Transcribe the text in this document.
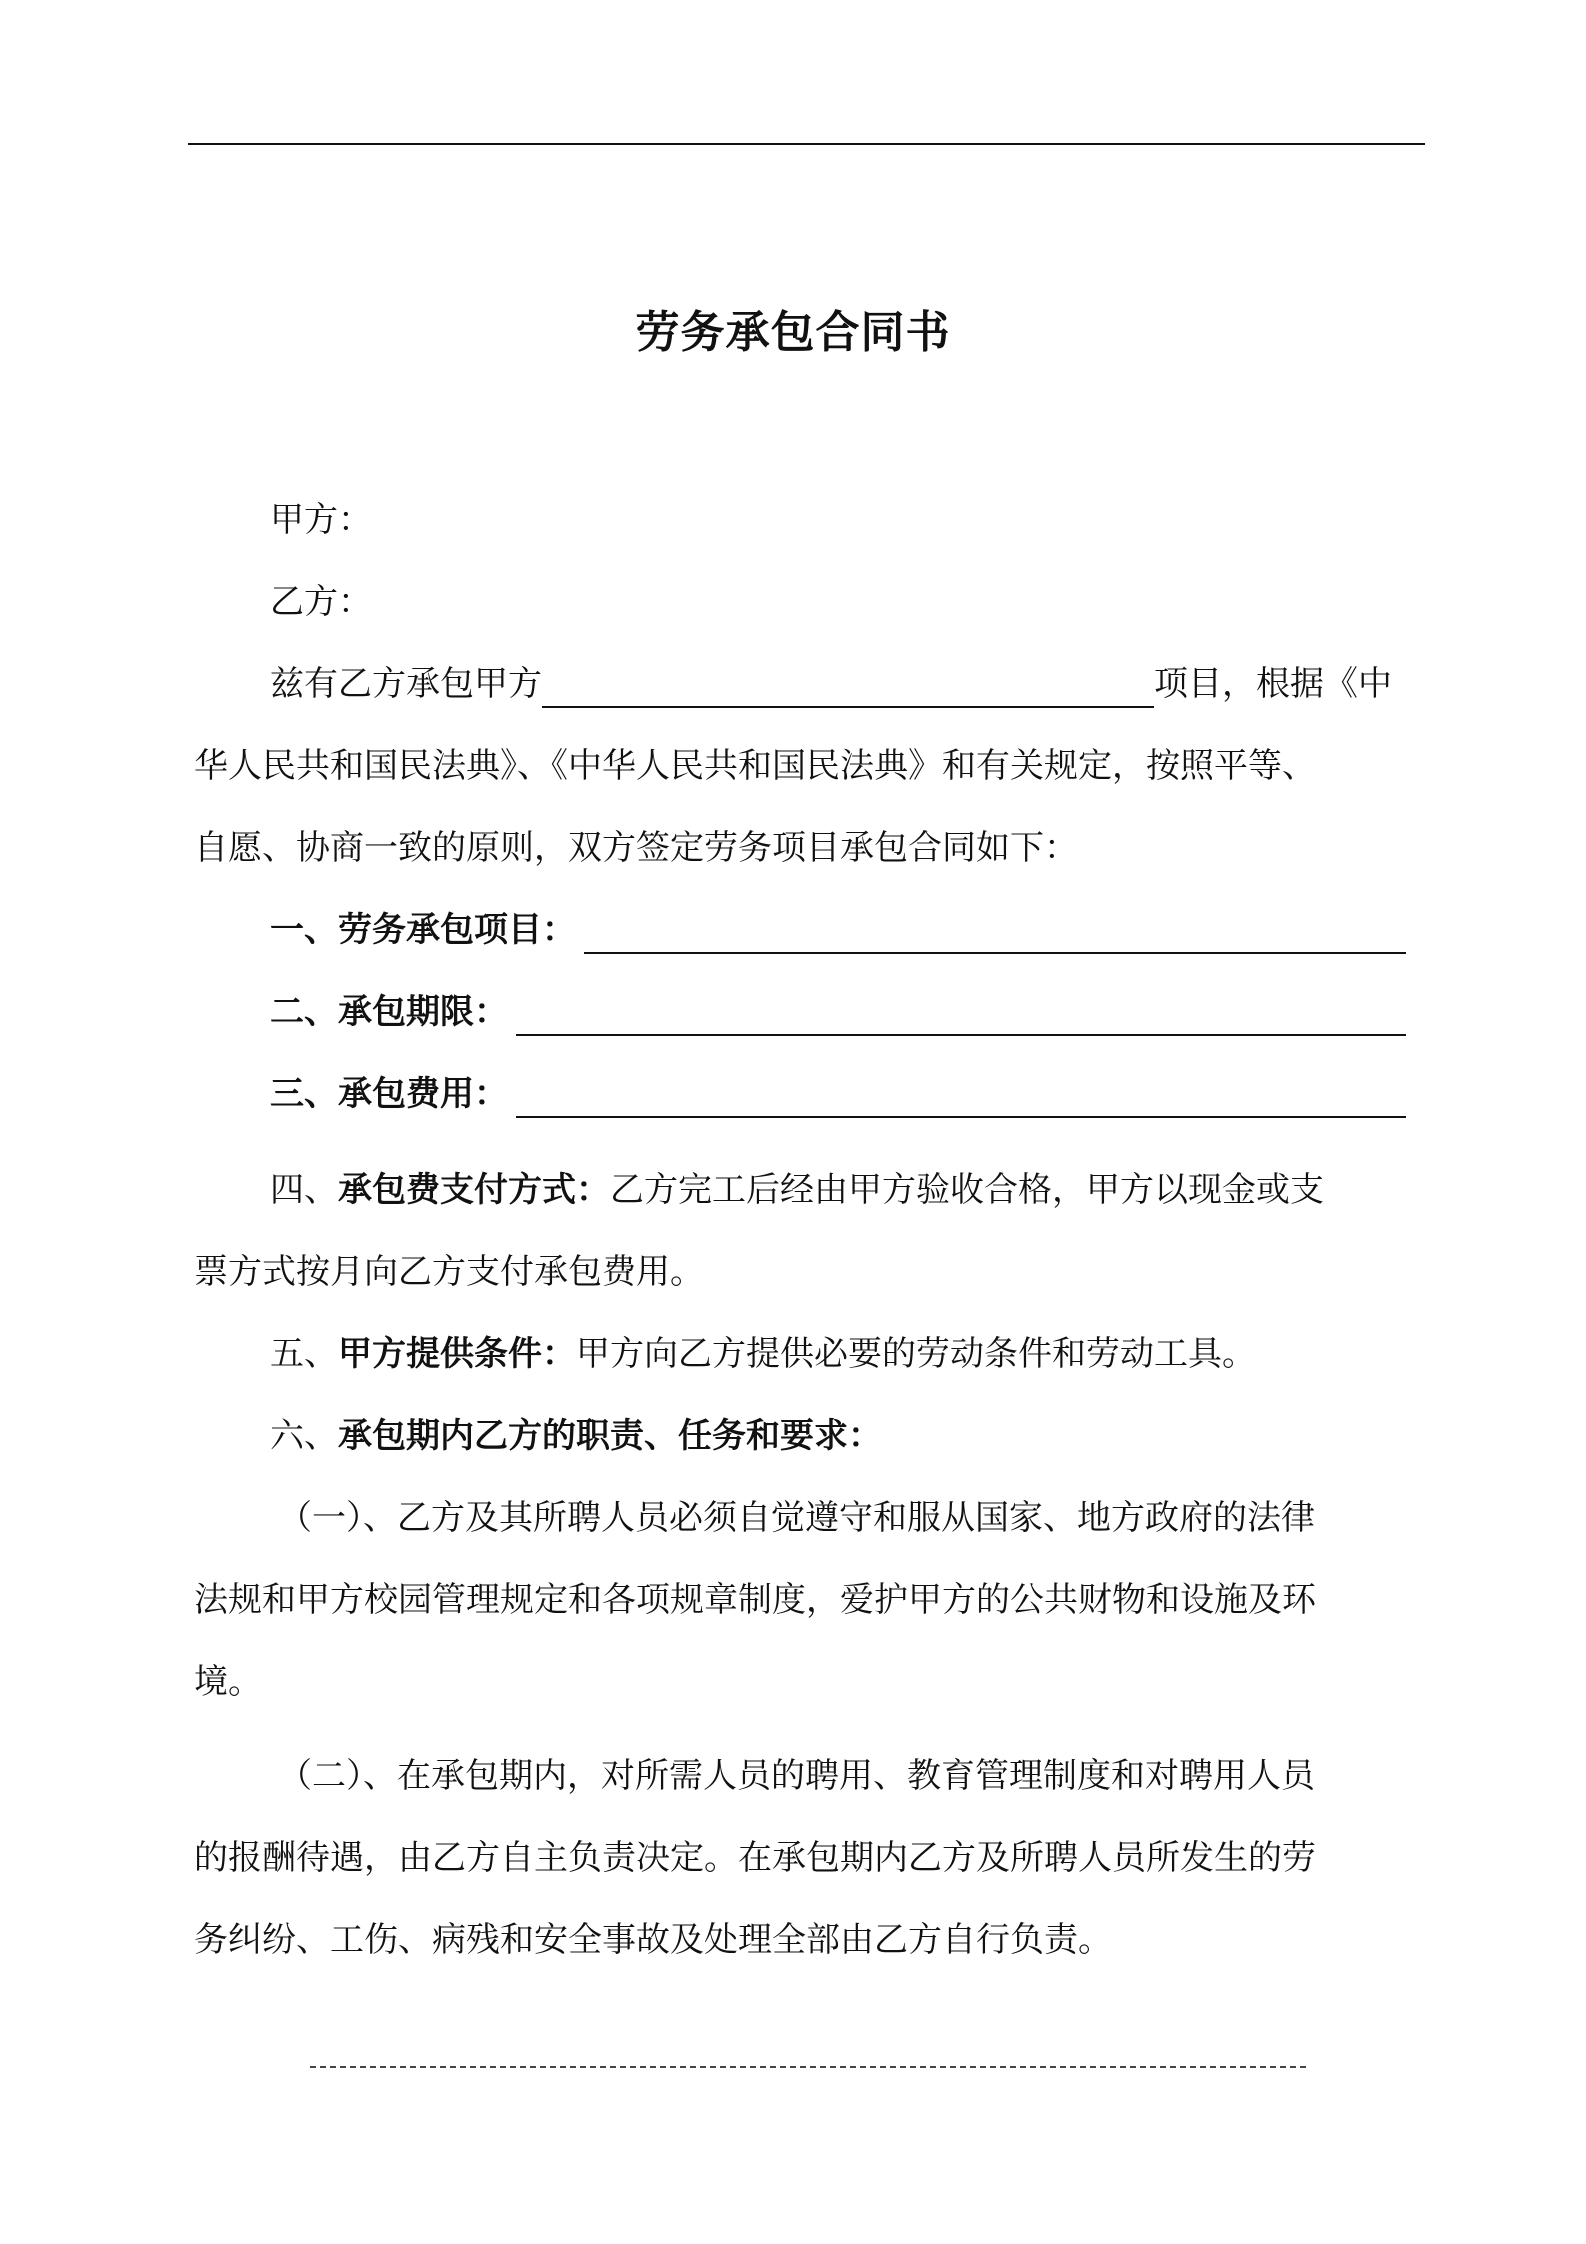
劳务承包合同书
甲方：
乙方：
兹有乙方承包甲方	项目，根据《中
华人民共和国民法典》、《中华人民共和国民法典》和有关规定，按照平等、
自愿、协商一致的原则，双方签定劳务项目承包合同如下：
一、劳务承包项目：
二、承包期限：
三、承包费用：
四、承包费支付方式：乙方完工后经由甲方验收合格，甲方以现金或支
票方式按月向乙方支付承包费用。
五、甲方提供条件：甲方向乙方提供必要的劳动条件和劳动工具。
六、承包期内乙方的职责、任务和要求：
（一）、乙方及其所聘人员必须自觉遵守和服从国家、地方政府的法律
法规和甲方校园管理规定和各项规章制度，爱护甲方的公共财物和设施及环
境。
（二）、在承包期内，对所需人员的聘用、教育管理制度和对聘用人员
的报酬待遇，由乙方自主负责决定。在承包期内乙方及所聘人员所发生的劳
务纠纷、工伤、病残和安全事故及处理全部由乙方自行负责。
